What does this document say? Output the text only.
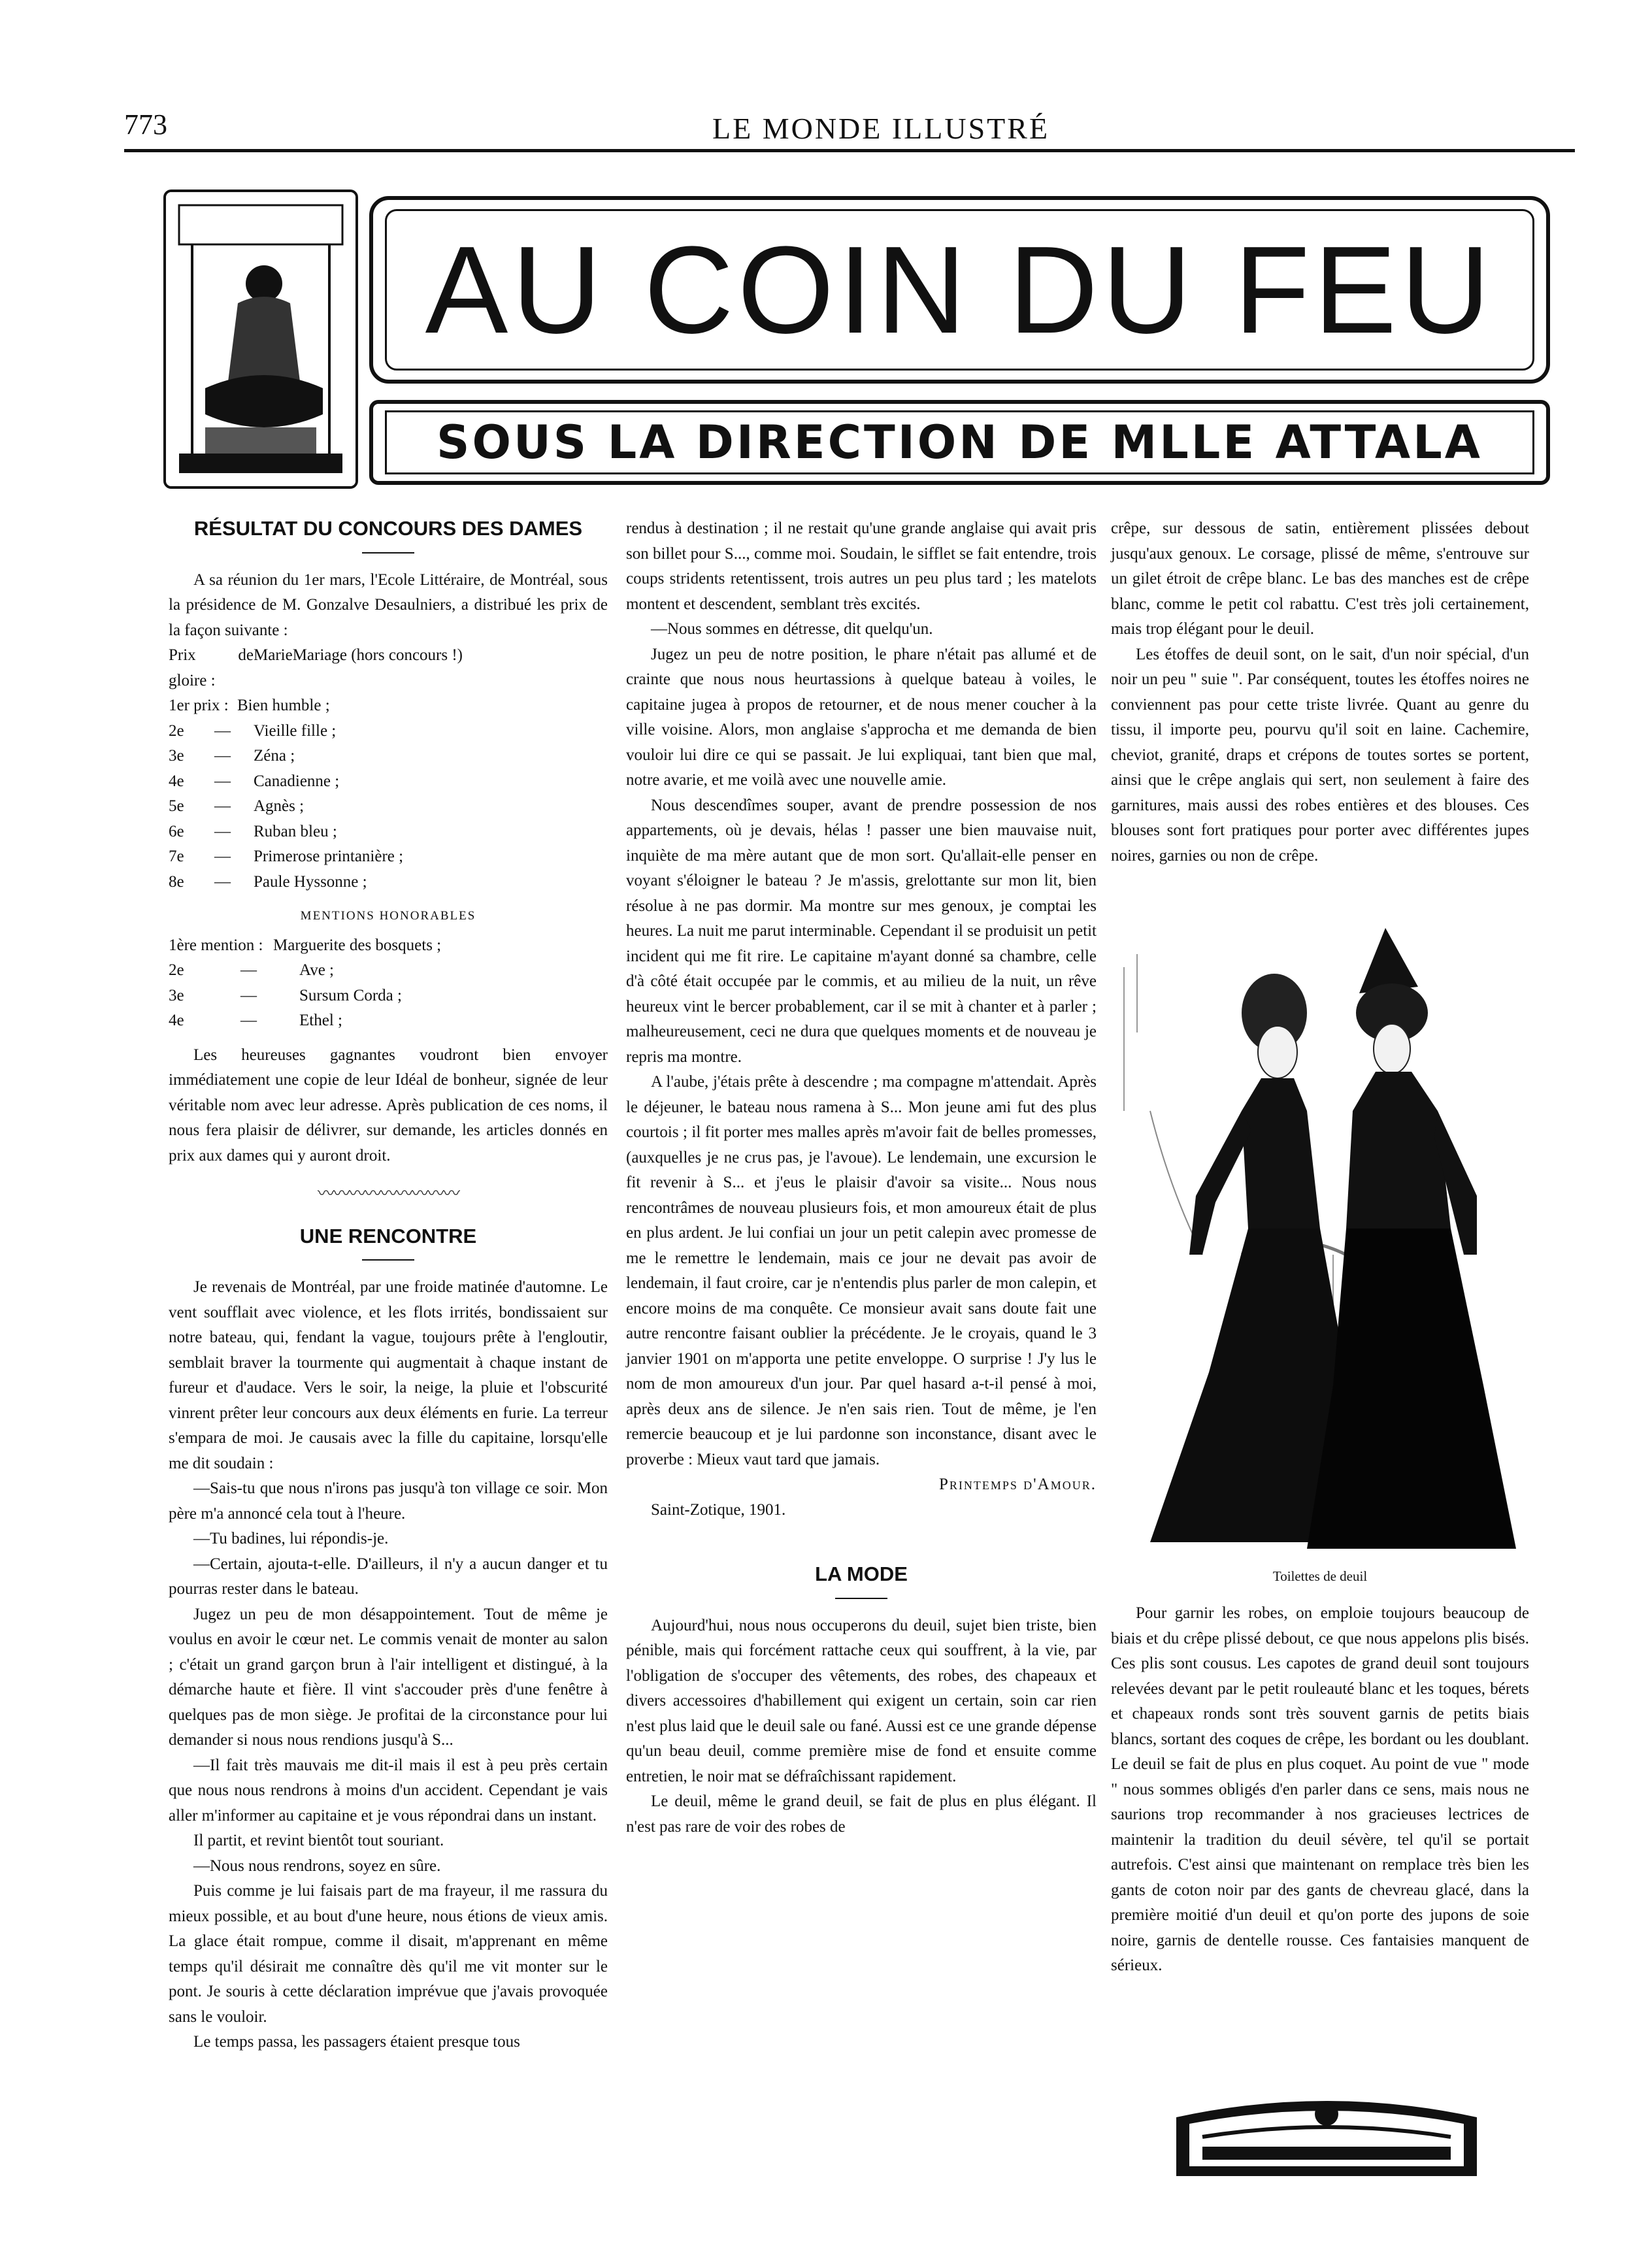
773	LE MONDE ILLUSTRÉ
AU COIN DU FEU
SOUS LA DIRECTION DE MLLE ATTALA
RÉSULTAT DU CONCOURS DES DAMES

A sa réunion du 1er mars, l'Ecole Littéraire, de Montréal, sous la présidence de M. Gonzalve Desaulniers, a distribué les prix de la façon suivante :

Prix de gloire :
MarieMariage (hors concours !)
1er prix : Bien humble ;
2e	—	Vieille fille ;
3e	—	Zéna ;
4e	—	Canadienne ;
5e	—	Agnès ;
6e	—	Ruban bleu ;
7e	—	Primerose printanière ;
8e	—	Paule Hyssonne ;
MENTIONS HONORABLES
1ère mention : Marguerite des bosquets ;
2e	—	Ave ;
3e	—	Sursum Corda ;
4e	—	Ethel ;

Les heureuses gagnantes voudront bien envoyer immédiatement une copie de leur Idéal de bonheur, signée de leur véritable nom avec leur adresse. Après publication de ces noms, il nous fera plaisir de délivrer, sur demande, les articles donnés en prix aux dames qui y auront droit.

〰〰〰〰〰〰〰〰〰
UNE RENCONTRE

Je revenais de Montréal, par une froide matinée d'automne. Le vent soufflait avec violence, et les flots irrités, bondissaient sur notre bateau, qui, fendant la vague, toujours prête à l'engloutir, semblait braver la tourmente qui augmentait à chaque instant de fureur et d'audace. Vers le soir, la neige, la pluie et l'obscurité vinrent prêter leur concours aux deux éléments en furie. La terreur s'empara de moi. Je causais avec la fille du capitaine, lorsqu'elle me dit soudain :

—Sais-tu que nous n'irons pas jusqu'à ton village ce soir. Mon père m'a annoncé cela tout à l'heure.

—Tu badines, lui répondis-je.

—Certain, ajouta-t-elle. D'ailleurs, il n'y a aucun danger et tu pourras rester dans le bateau.

Jugez un peu de mon désappointement. Tout de même je voulus en avoir le cœur net. Le commis venait de monter au salon ; c'était un grand garçon brun à l'air intelligent et distingué, à la démarche haute et fière. Il vint s'accouder près d'une fenêtre à quelques pas de mon siège. Je profitai de la circonstance pour lui demander si nous nous rendions jusqu'à S...

—Il fait très mauvais me dit-il mais il est à peu près certain que nous nous rendrons à moins d'un accident. Cependant je vais aller m'informer au capitaine et je vous répondrai dans un instant.

Il partit, et revint bientôt tout souriant.

—Nous nous rendrons, soyez en sûre.

Puis comme je lui faisais part de ma frayeur, il me rassura du mieux possible, et au bout d'une heure, nous étions de vieux amis. La glace était rompue, comme il disait, m'apprenant en même temps qu'il désirait me connaître dès qu'il me vit monter sur le pont. Je souris à cette déclaration imprévue que j'avais provoquée sans le vouloir.

Le temps passa, les passagers étaient presque tous

rendus à destination ; il ne restait qu'une grande anglaise qui avait pris son billet pour S..., comme moi. Soudain, le sifflet se fait entendre, trois coups stridents retentissent, trois autres un peu plus tard ; les matelots montent et descendent, semblant très excités.

—Nous sommes en détresse, dit quelqu'un.

Jugez un peu de notre position, le phare n'était pas allumé et de crainte que nous nous heurtassions à quelque bateau à voiles, le capitaine jugea à propos de retourner, et de nous mener coucher à la ville voisine. Alors, mon anglaise s'approcha et me demanda de bien vouloir lui dire ce qui se passait. Je lui expliquai, tant bien que mal, notre avarie, et me voilà avec une nouvelle amie.

Nous descendîmes souper, avant de prendre possession de nos appartements, où je devais, hélas ! passer une bien mauvaise nuit, inquiète de ma mère autant que de mon sort. Qu'allait-elle penser en voyant s'éloigner le bateau ? Je m'assis, grelottante sur mon lit, bien résolue à ne pas dormir. Ma montre sur mes genoux, je comptai les heures. La nuit me parut interminable. Cependant il se produisit un petit incident qui me fit rire. Le capitaine m'ayant donné sa chambre, celle d'à côté était occupée par le commis, et au milieu de la nuit, un rêve heureux vint le bercer probablement, car il se mit à chanter et à parler ; malheureusement, ceci ne dura que quelques moments et de nouveau je repris ma montre.

A l'aube, j'étais prête à descendre ; ma compagne m'attendait. Après le déjeuner, le bateau nous ramena à S... Mon jeune ami fut des plus courtois ; il fit porter mes malles après m'avoir fait de belles promesses, (auxquelles je ne crus pas, je l'avoue). Le lendemain, une excursion le fit revenir à S... et j'eus le plaisir d'avoir sa visite... Nous nous rencontrâmes de nouveau plusieurs fois, et mon amoureux était de plus en plus ardent. Je lui confiai un jour un petit calepin avec promesse de me le remettre le lendemain, mais ce jour ne devait pas avoir de lendemain, il faut croire, car je n'entendis plus parler de mon calepin, et encore moins de ma conquête. Ce monsieur avait sans doute fait une autre rencontre faisant oublier la précédente. Je le croyais, quand le 3 janvier 1901 on m'apporta une petite enveloppe. O surprise ! J'y lus le nom de mon amoureux d'un jour. Par quel hasard a-t-il pensé à moi, après deux ans de silence. Je n'en sais rien. Tout de même, je l'en remercie beaucoup et je lui pardonne son inconstance, disant avec le proverbe : Mieux vaut tard que jamais.

Printemps d'Amour.

Saint-Zotique, 1901.

LA MODE

Aujourd'hui, nous nous occuperons du deuil, sujet bien triste, bien pénible, mais qui forcément rattache ceux qui souffrent, à la vie, par l'obligation de s'occuper des vêtements, des robes, des chapeaux et divers accessoires d'habillement qui exigent un certain, soin car rien n'est plus laid que le deuil sale ou fané. Aussi est ce une grande dépense qu'un beau deuil, comme première mise de fond et ensuite comme entretien, le noir mat se défraîchissant rapidement.

Le deuil, même le grand deuil, se fait de plus en plus élégant. Il n'est pas rare de voir des robes de

crêpe, sur dessous de satin, entièrement plissées debout jusqu'aux genoux. Le corsage, plissé de même, s'entrouve sur un gilet étroit de crêpe blanc. Le bas des manches est de crêpe blanc, comme le petit col rabattu. C'est très joli certainement, mais trop élégant pour le deuil.

Les étoffes de deuil sont, on le sait, d'un noir spécial, d'un noir un peu " suie ". Par conséquent, toutes les étoffes noires ne conviennent pas pour cette triste livrée. Quant au genre du tissu, il importe peu, pourvu qu'il soit en laine. Cachemire, cheviot, granité, draps et crépons de toutes sortes se portent, ainsi que le crêpe anglais qui sert, non seulement à faire des garnitures, mais aussi des robes entières et des blouses. Ces blouses sont fort pratiques pour porter avec différentes jupes noires, garnies ou non de crêpe.

Toilettes de deuil

Pour garnir les robes, on emploie toujours beaucoup de biais et du crêpe plissé debout, ce que nous appelons plis bisés. Ces plis sont cousus. Les capotes de grand deuil sont toujours relevées devant par le petit rouleauté blanc et les toques, bérets et chapeaux ronds sont très souvent garnis de petits biais blancs, sortant des coques de crêpe, les bordant ou les doublant. Le deuil se fait de plus en plus coquet. Au point de vue " mode " nous sommes obligés d'en parler dans ce sens, mais nous ne saurions trop recommander à nos gracieuses lectrices de maintenir la tradition du deuil sévère, tel qu'il se portait autrefois. C'est ainsi que maintenant on remplace très bien les gants de coton noir par des gants de chevreau glacé, dans la première moitié d'un deuil et qu'on porte des jupons de soie noire, garnis de dentelle rousse. Ces fantaisies manquent de sérieux.
